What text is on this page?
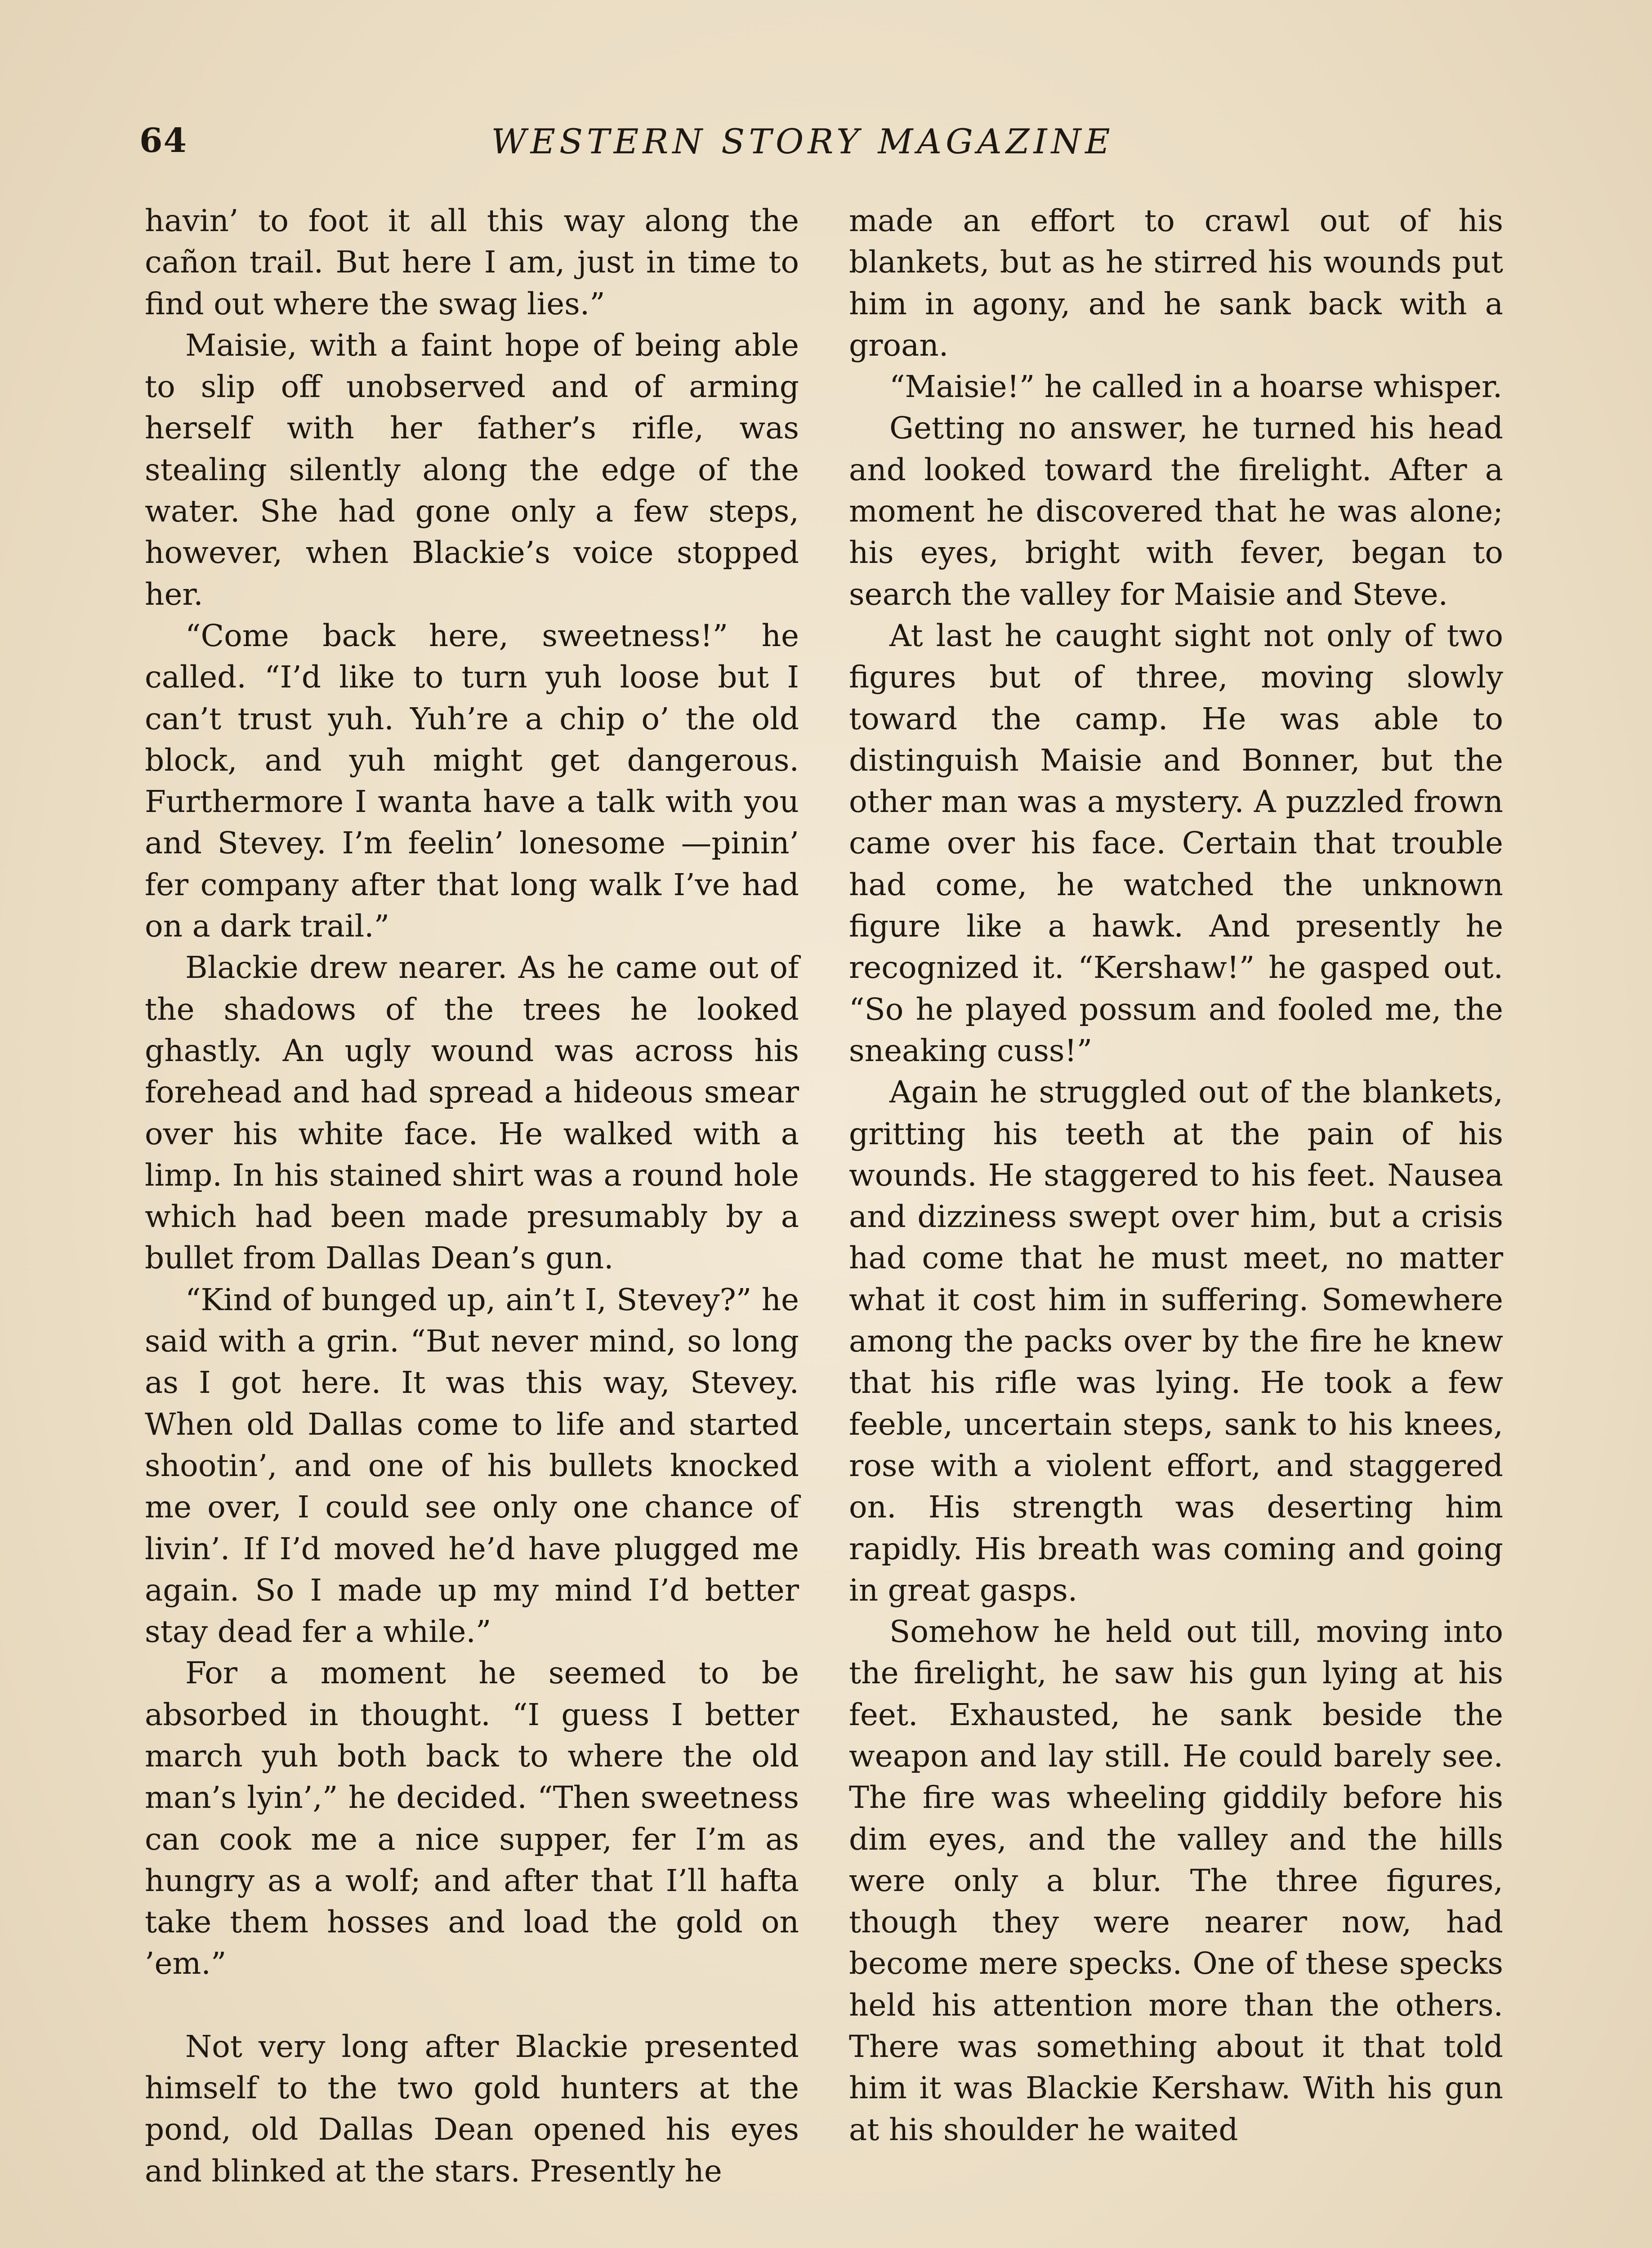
64	WESTERN STORY MAGAZINE

havin’ to foot it all this way along the cañon trail. But here I am, just in time to find out where the swag lies.”

Maisie, with a faint hope of being able to slip off unobserved and of arming herself with her father’s rifle, was stealing silently along the edge of the water. She had gone only a few steps, however, when Blackie’s voice stopped her.

“Come back here, sweetness!” he called. “I’d like to turn yuh loose but I can’t trust yuh. Yuh’re a chip o’ the old block, and yuh might get dangerous. Furthermore I wanta have a talk with you and Stevey. I’m feelin’ lonesome —pinin’ fer company after that long walk I’ve had on a dark trail.”

Blackie drew nearer. As he came out of the shadows of the trees he looked ghastly. An ugly wound was across his forehead and had spread a hideous smear over his white face. He walked with a limp. In his stained shirt was a round hole which had been made presumably by a bullet from Dallas Dean’s gun.

“Kind of bunged up, ain’t I, Stevey?” he said with a grin. “But never mind, so long as I got here. It was this way, Stevey. When old Dallas come to life and started shootin’, and one of his bullets knocked me over, I could see only one chance of livin’. If I’d moved he’d have plugged me again. So I made up my mind I’d better stay dead fer a while.”

For a moment he seemed to be absorbed in thought. “I guess I better march yuh both back to where the old man’s lyin’,” he decided. “Then sweetness can cook me a nice supper, fer I’m as hungry as a wolf; and after that I’ll hafta take them hosses and load the gold on ’em.”

Not very long after Blackie presented himself to the two gold hunters at the pond, old Dallas Dean opened his eyes and blinked at the stars. Presently he

made an effort to crawl out of his blankets, but as he stirred his wounds put him in agony, and he sank back with a groan.

“Maisie!” he called in a hoarse whisper.

Getting no answer, he turned his head and looked toward the firelight. After a moment he discovered that he was alone; his eyes, bright with fever, began to search the valley for Maisie and Steve.

At last he caught sight not only of two figures but of three, moving slowly toward the camp. He was able to distinguish Maisie and Bonner, but the other man was a mystery. A puzzled frown came over his face. Certain that trouble had come, he watched the unknown figure like a hawk. And presently he recognized it. “Kershaw!” he gasped out. “So he played possum and fooled me, the sneaking cuss!”

Again he struggled out of the blankets, gritting his teeth at the pain of his wounds. He staggered to his feet. Nausea and dizziness swept over him, but a crisis had come that he must meet, no matter what it cost him in suffering. Somewhere among the packs over by the fire he knew that his rifle was lying. He took a few feeble, uncertain steps, sank to his knees, rose with a violent effort, and staggered on. His strength was deserting him rapidly. His breath was coming and going in great gasps.

Somehow he held out till, moving into the firelight, he saw his gun lying at his feet. Exhausted, he sank beside the weapon and lay still. He could barely see. The fire was wheeling giddily before his dim eyes, and the valley and the hills were only a blur. The three figures, though they were nearer now, had become mere specks. One of these specks held his attention more than the others. There was something about it that told him it was Blackie Kershaw. With his gun at his shoulder he waited
